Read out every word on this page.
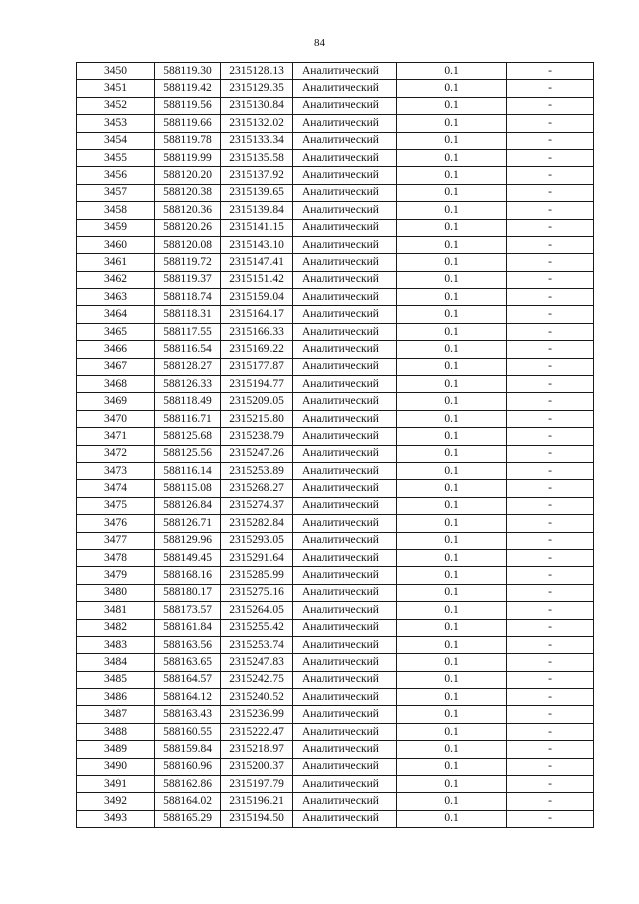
84
3450	588119.30	2315128.13	Аналитический	0.1	-
3451	588119.42	2315129.35	Аналитический	0.1	-
3452	588119.56	2315130.84	Аналитический	0.1	-
3453	588119.66	2315132.02	Аналитический	0.1	-
3454	588119.78	2315133.34	Аналитический	0.1	-
3455	588119.99	2315135.58	Аналитический	0.1	-
3456	588120.20	2315137.92	Аналитический	0.1	-
3457	588120.38	2315139.65	Аналитический	0.1	-
3458	588120.36	2315139.84	Аналитический	0.1	-
3459	588120.26	2315141.15	Аналитический	0.1	-
3460	588120.08	2315143.10	Аналитический	0.1	-
3461	588119.72	2315147.41	Аналитический	0.1	-
3462	588119.37	2315151.42	Аналитический	0.1	-
3463	588118.74	2315159.04	Аналитический	0.1	-
3464	588118.31	2315164.17	Аналитический	0.1	-
3465	588117.55	2315166.33	Аналитический	0.1	-
3466	588116.54	2315169.22	Аналитический	0.1	-
3467	588128.27	2315177.87	Аналитический	0.1	-
3468	588126.33	2315194.77	Аналитический	0.1	-
3469	588118.49	2315209.05	Аналитический	0.1	-
3470	588116.71	2315215.80	Аналитический	0.1	-
3471	588125.68	2315238.79	Аналитический	0.1	-
3472	588125.56	2315247.26	Аналитический	0.1	-
3473	588116.14	2315253.89	Аналитический	0.1	-
3474	588115.08	2315268.27	Аналитический	0.1	-
3475	588126.84	2315274.37	Аналитический	0.1	-
3476	588126.71	2315282.84	Аналитический	0.1	-
3477	588129.96	2315293.05	Аналитический	0.1	-
3478	588149.45	2315291.64	Аналитический	0.1	-
3479	588168.16	2315285.99	Аналитический	0.1	-
3480	588180.17	2315275.16	Аналитический	0.1	-
3481	588173.57	2315264.05	Аналитический	0.1	-
3482	588161.84	2315255.42	Аналитический	0.1	-
3483	588163.56	2315253.74	Аналитический	0.1	-
3484	588163.65	2315247.83	Аналитический	0.1	-
3485	588164.57	2315242.75	Аналитический	0.1	-
3486	588164.12	2315240.52	Аналитический	0.1	-
3487	588163.43	2315236.99	Аналитический	0.1	-
3488	588160.55	2315222.47	Аналитический	0.1	-
3489	588159.84	2315218.97	Аналитический	0.1	-
3490	588160.96	2315200.37	Аналитический	0.1	-
3491	588162.86	2315197.79	Аналитический	0.1	-
3492	588164.02	2315196.21	Аналитический	0.1	-
3493	588165.29	2315194.50	Аналитический	0.1	-
